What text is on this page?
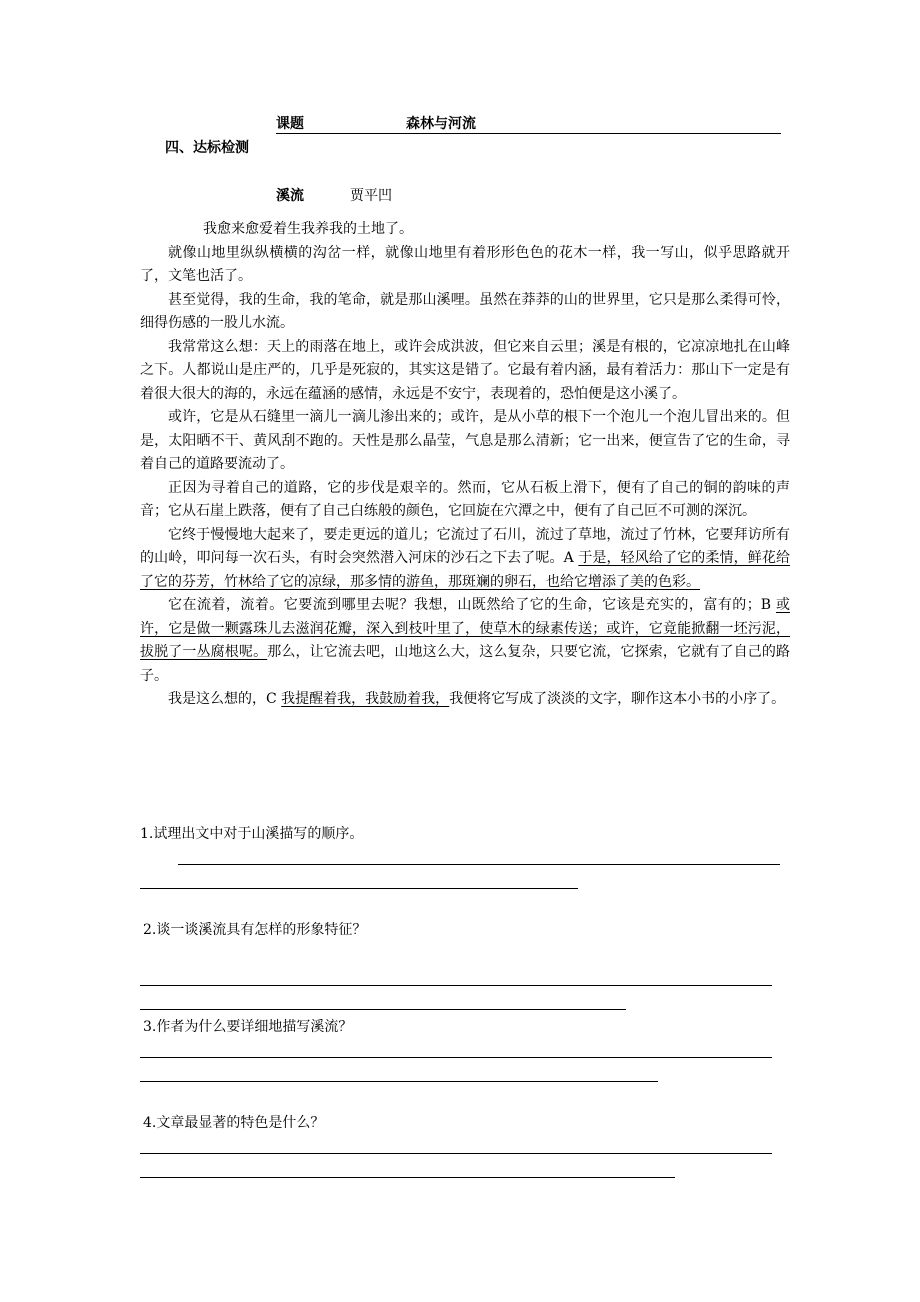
课题	森林与河流
四、达标检测
溪流	贾平凹

我愈来愈爱着生我养我的土地了。

就像山地里纵纵横横的沟岔一样，就像山地里有着形形色色的花木一样，我一写山，似乎思路就开了，文笔也活了。

甚至觉得，我的生命，我的笔命，就是那山溪哩。虽然在莽莽的山的世界里，它只是那么柔得可怜，细得伤感的一股儿水流。

我常常这么想：天上的雨落在地上，或许会成洪波，但它来自云里；溪是有根的，它凉凉地扎在山峰之下。人都说山是庄严的，几乎是死寂的，其实这是错了。它最有着内涵，最有着活力：那山下一定是有着很大很大的海的，永远在蕴涵的感情，永远是不安宁，表现着的，恐怕便是这小溪了。

或许，它是从石缝里一滴儿一滴儿渗出来的；或许，是从小草的根下一个泡儿一个泡儿冒出来的。但是，太阳晒不干、黄风刮不跑的。天性是那么晶莹，气息是那么清新；它一出来，便宣告了它的生命，寻着自己的道路要流动了。

正因为寻着自己的道路，它的步伐是艰辛的。然而，它从石板上滑下，便有了自己的铜的韵味的声音；它从石崖上跌落，便有了自己白练般的颜色，它回旋在穴潭之中，便有了自己叵不可测的深沉。

它终于慢慢地大起来了，要走更远的道儿；它流过了石川，流过了草地，流过了竹林，它要拜访所有的山岭，叩问每一次石头，有时会突然潜入河床的沙石之下去了呢。A 于是，轻风给了它的柔情，鲜花给了它的芬芳，竹林给了它的凉绿，那多情的游鱼，那斑斓的卵石，也给它增添了美的色彩。

它在流着，流着。它要流到哪里去呢？我想，山既然给了它的生命，它该是充实的，富有的；B 或许，它是做一颗露珠儿去滋润花瓣，深入到枝叶里了，使草木的绿素传送；或许，它竟能掀翻一坯污泥，拔脱了一丛腐根呢。那么，让它流去吧，山地这么大，这么复杂，只要它流，它探索，它就有了自己的路子。

我是这么想的，C 我提醒着我，我鼓励着我，我便将它写成了淡淡的文字，聊作这本小书的小序了。

1.试理出文中对于山溪描写的顺序。
2.谈一谈溪流具有怎样的形象特征？
3.作者为什么要详细地描写溪流？
4.文章最显著的特色是什么？
